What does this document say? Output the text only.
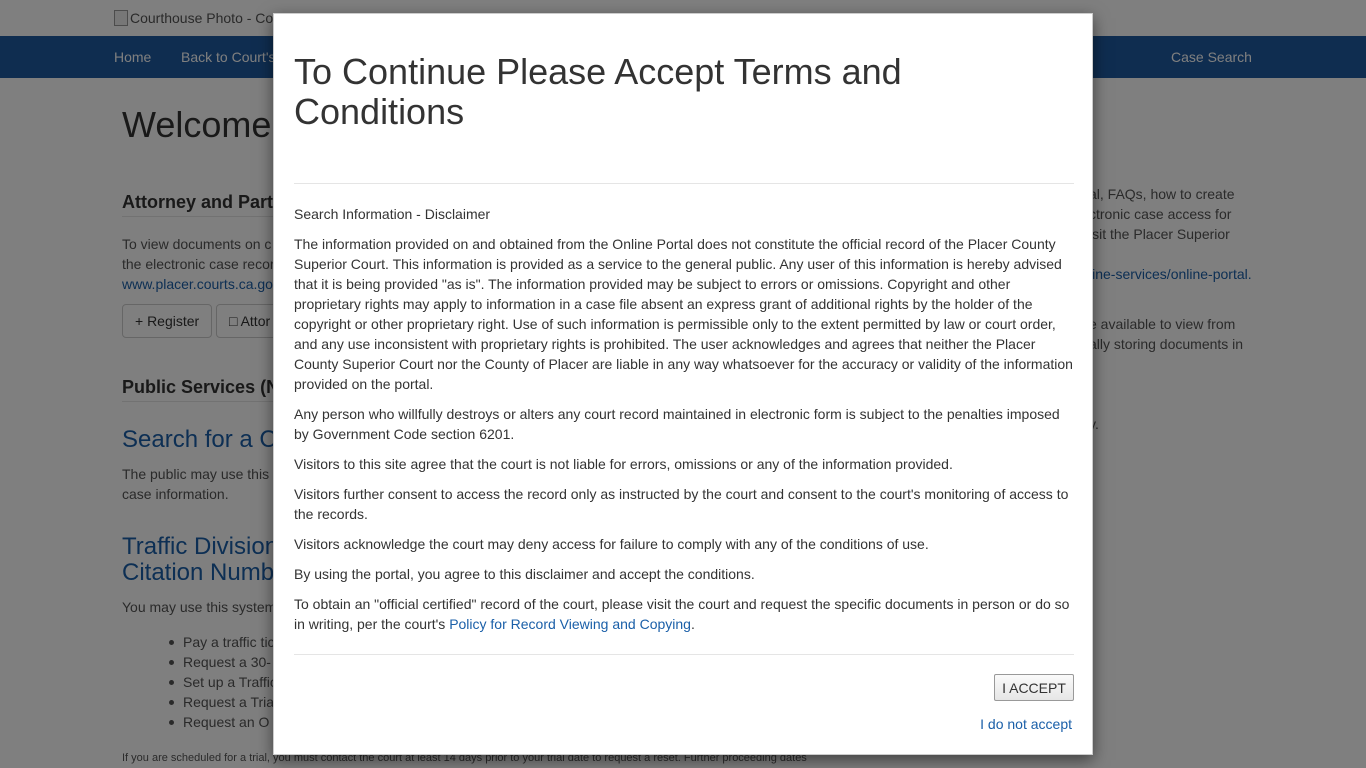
To Continue Please Accept Terms and Conditions

Search Information - Disclaimer

The information provided on and obtained from the Online Portal does not constitute the official record of the Placer County Superior Court. This information is provided as a service to the general public. Any user of this information is hereby advised that it is being provided "as is". The information provided may be subject to errors or omissions. Copyright and other proprietary rights may apply to information in a case file absent an express grant of additional rights by the holder of the copyright or other proprietary right. Use of such information is permissible only to the extent permitted by law or court order, and any use inconsistent with proprietary rights is prohibited. The user acknowledges and agrees that neither the Placer County Superior Court nor the County of Placer are liable in any way whatsoever for the accuracy or validity of the information provided on the portal.

Any person who willfully destroys or alters any court record maintained in electronic form is subject to the penalties imposed by Government Code section 6201.

Visitors to this site agree that the court is not liable for errors, omissions or any of the information provided.

Visitors further consent to access the record only as instructed by the court and consent to the court's monitoring of access to the records.

Visitors acknowledge the court may deny access for failure to comply with any of the conditions of use.

By using the portal, you agree to this disclaimer and accept the conditions.

To obtain an "official certified" record of the court, please visit the court and request the specific documents in person or do so in writing, per the court's Policy for Record Viewing and Copying.

I ACCEPT
I do not accept
